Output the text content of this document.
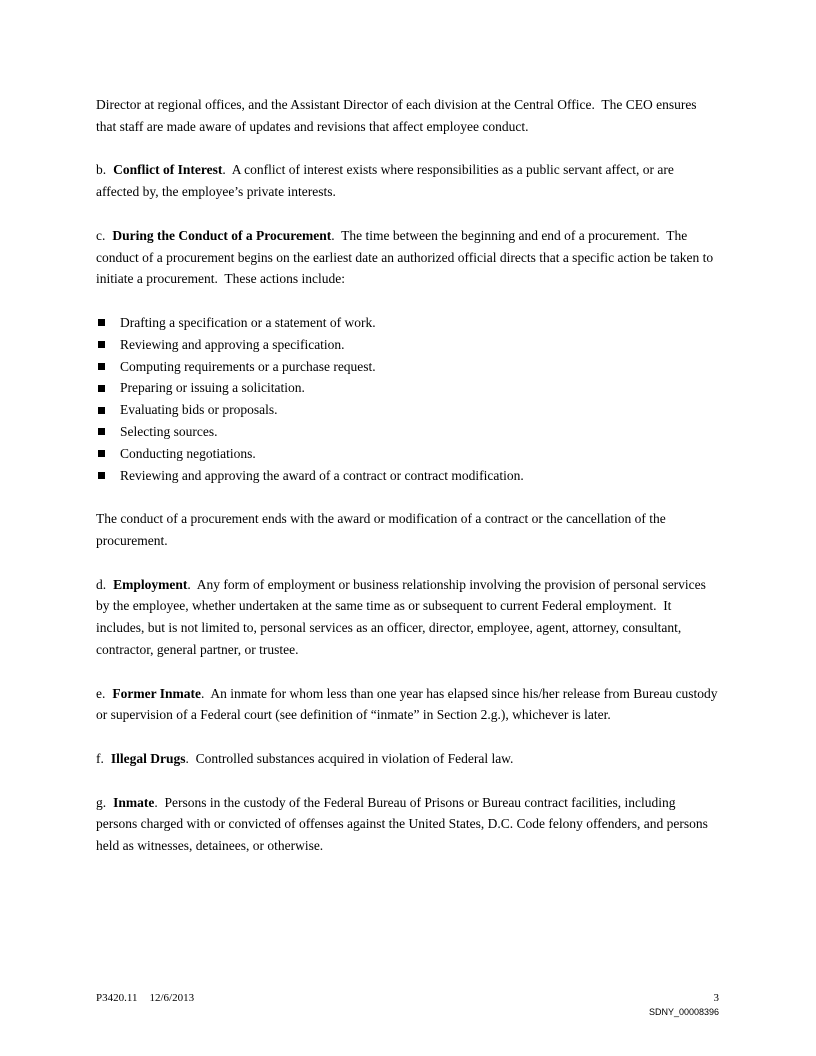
Director at regional offices, and the Assistant Director of each division at the Central Office.  The CEO ensures that staff are made aware of updates and revisions that affect employee conduct.

b. Conflict of Interest.  A conflict of interest exists where responsibilities as a public servant affect, or are affected by, the employee’s private interests.

c. During the Conduct of a Procurement.  The time between the beginning and end of a procurement.  The conduct of a procurement begins on the earliest date an authorized official directs that a specific action be taken to initiate a procurement.  These actions include:

Drafting a specification or a statement of work.
Reviewing and approving a specification.
Computing requirements or a purchase request.
Preparing or issuing a solicitation.
Evaluating bids or proposals.
Selecting sources.
Conducting negotiations.
Reviewing and approving the award of a contract or contract modification.

The conduct of a procurement ends with the award or modification of a contract or the cancellation of the procurement.

d. Employment.  Any form of employment or business relationship involving the provision of personal services by the employee, whether undertaken at the same time as or subsequent to current Federal employment.  It includes, but is not limited to, personal services as an officer, director, employee, agent, attorney, consultant, contractor, general partner, or trustee.

e. Former Inmate.  An inmate for whom less than one year has elapsed since his/her release from Bureau custody or supervision of a Federal court (see definition of “inmate” in Section 2.g.), whichever is later.

f. Illegal Drugs.  Controlled substances acquired in violation of Federal law.

g. Inmate.  Persons in the custody of the Federal Bureau of Prisons or Bureau contract facilities, including persons charged with or convicted of offenses against the United States, D.C. Code felony offenders, and persons held as witnesses, detainees, or otherwise.

P3420.11 12/6/2013	3
SDNY_00008396
